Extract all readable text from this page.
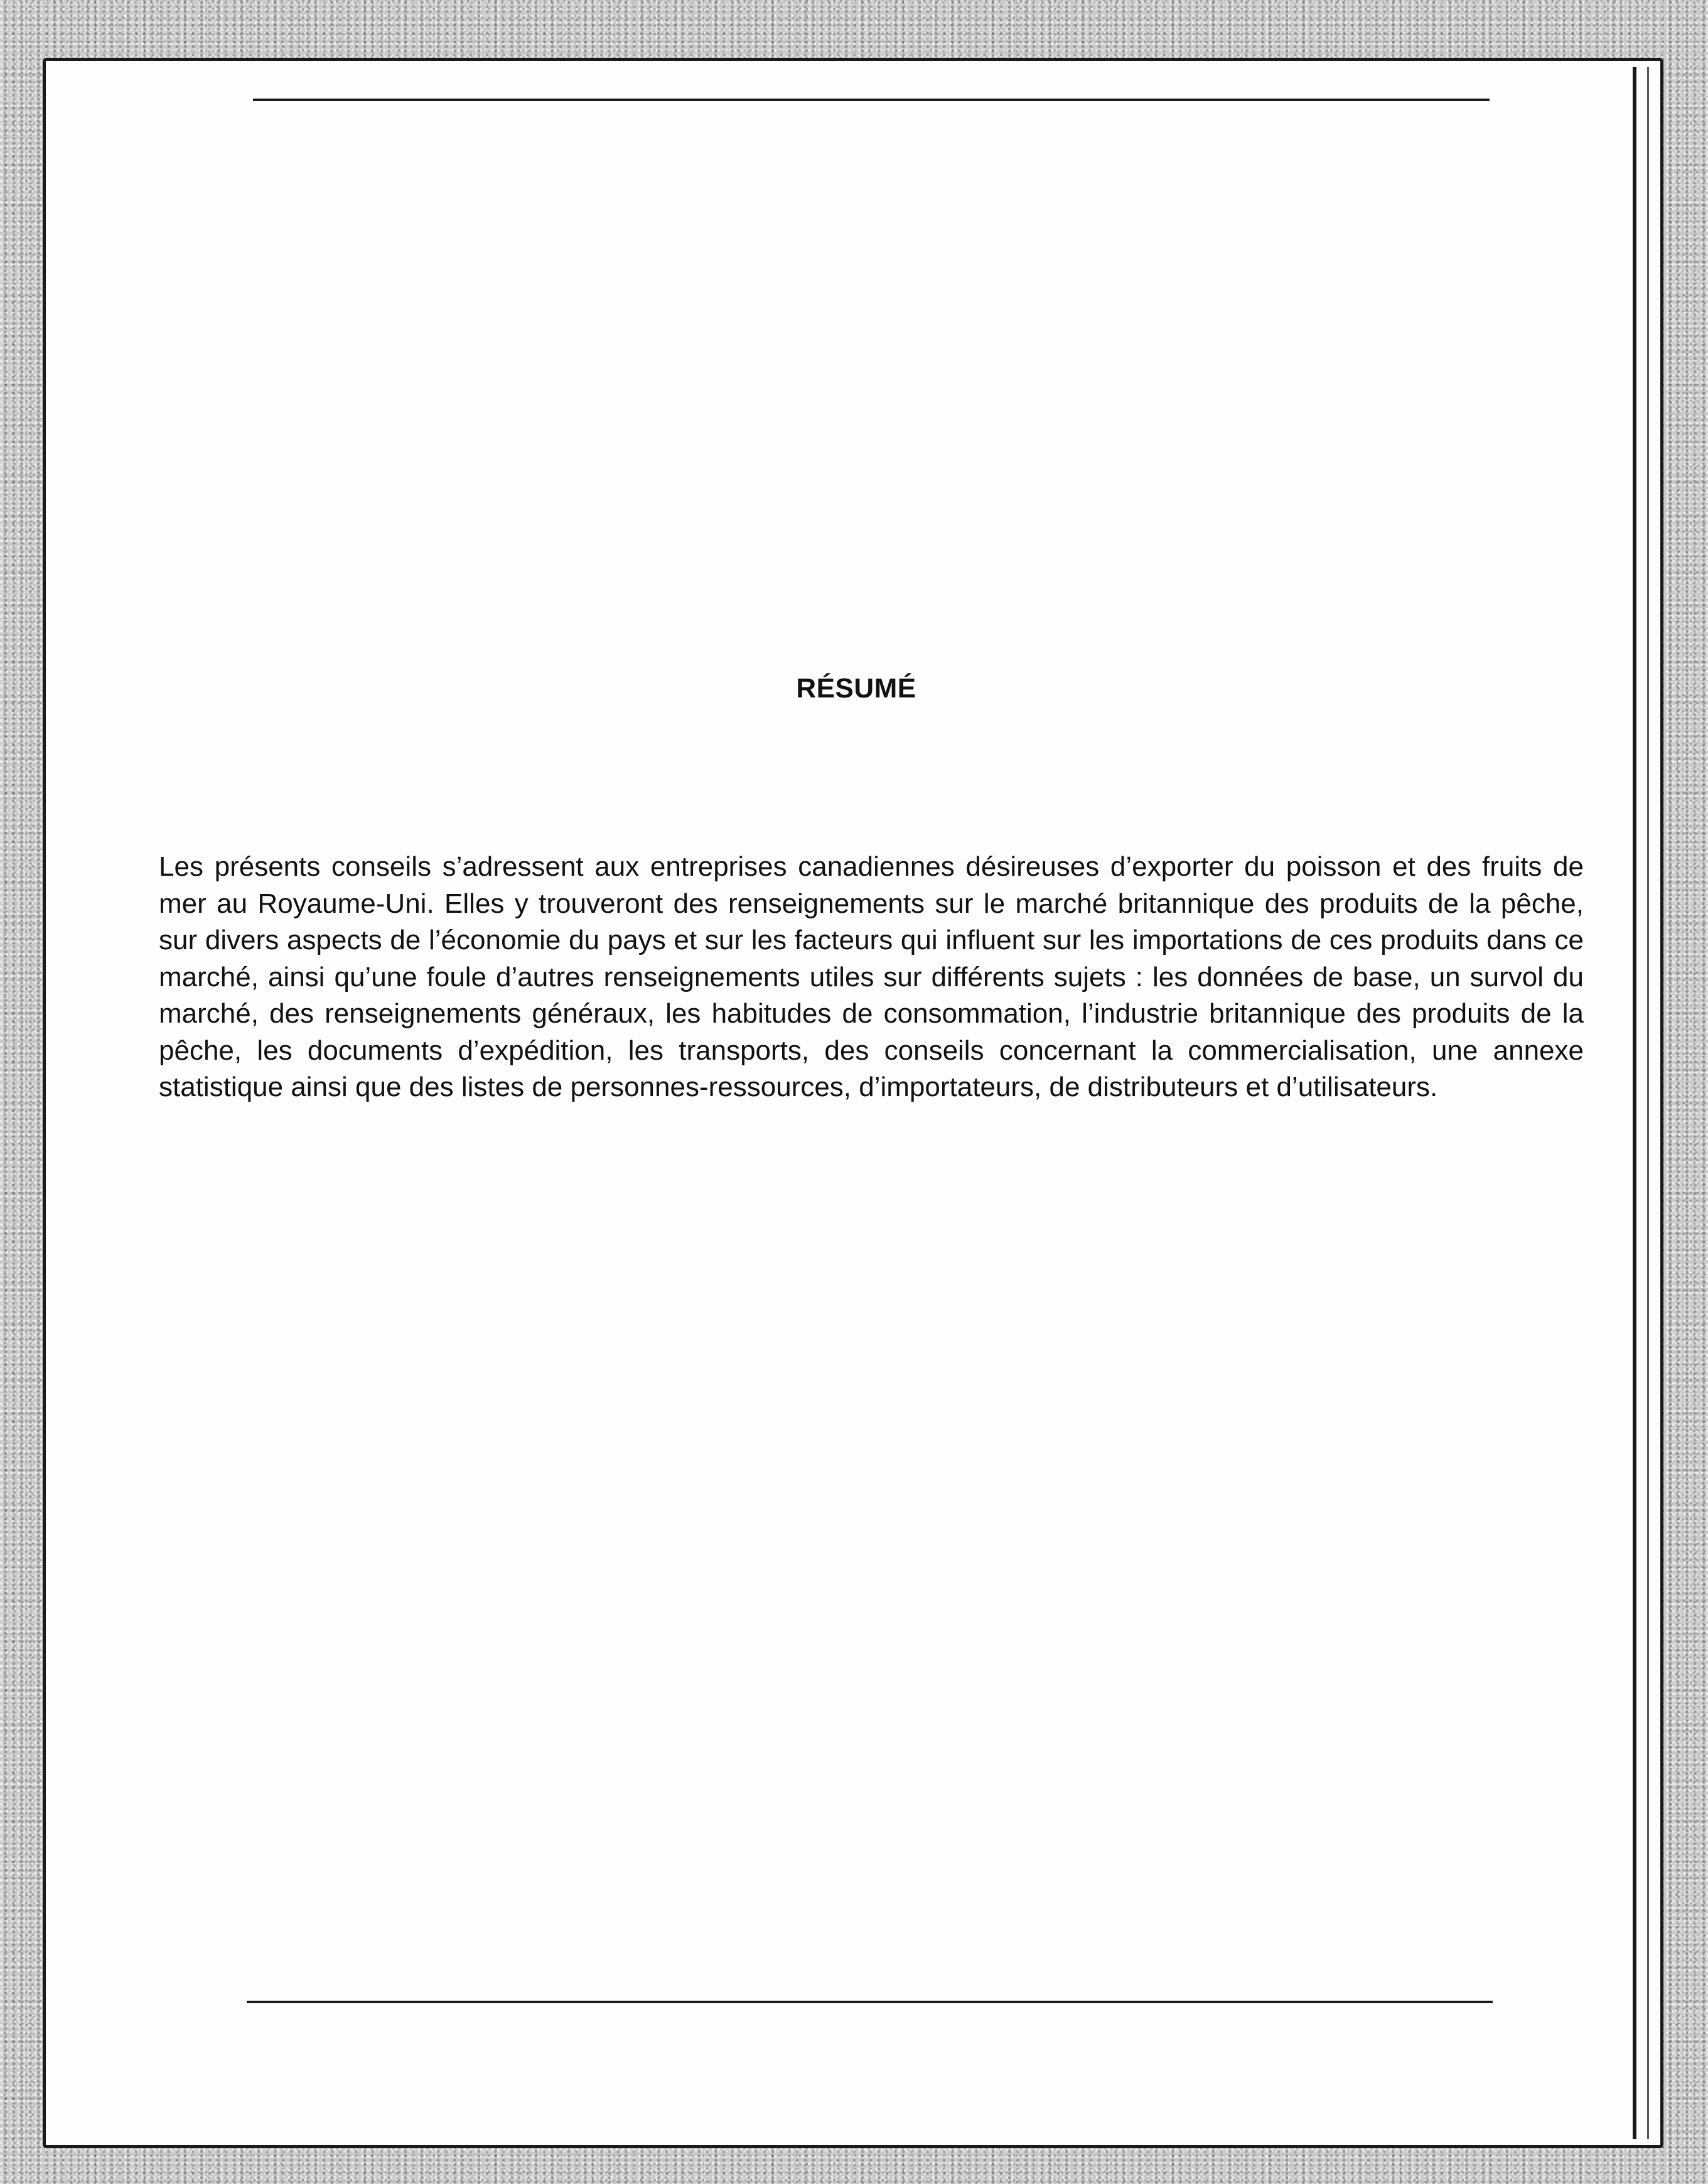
RÉSUMÉ

Les présents conseils s’adressent aux entreprises canadiennes désireuses d’exporter du poisson et des fruits de mer au Royaume-Uni. Elles y trouveront des renseignements sur le marché britannique des produits de la pêche, sur divers aspects de l’économie du pays et sur les facteurs qui influent sur les importations de ces produits dans ce marché, ainsi qu’une foule d’autres renseignements utiles sur différents sujets : les données de base, un survol du marché, des renseignements généraux, les habitudes de consommation, l’industrie britannique des produits de la pêche, les documents d’expédition, les transports, des conseils concernant la commercialisation, une annexe statistique ainsi que des listes de personnes-ressources, d’importateurs, de distributeurs et d’utilisateurs.
